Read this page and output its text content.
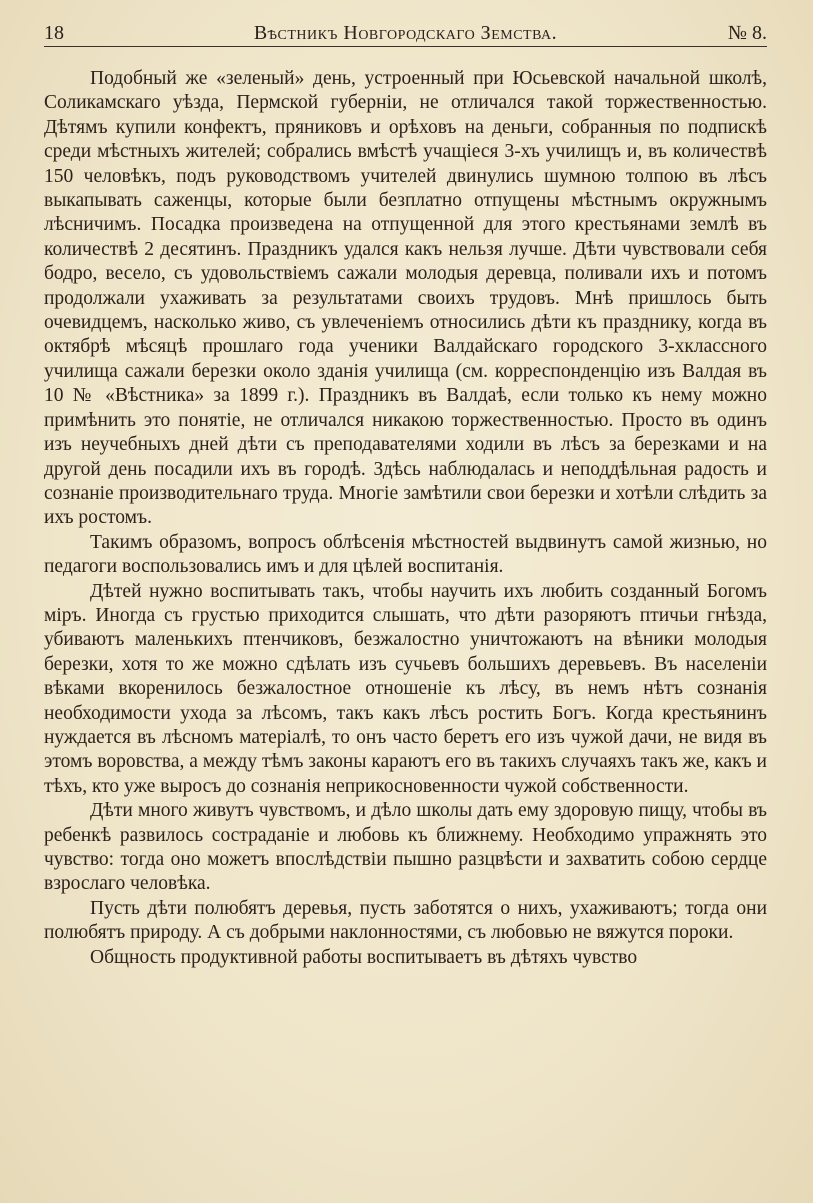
18	Вѣстникъ Новгородскаго Земства.	№ 8.

Подобный же «зеленый» день, устроенный при Юсьевской начальной школѣ, Соликамскаго уѣзда, Пермской губерніи, не отличался такой торжественностью. Дѣтямъ купили конфектъ, пряниковъ и орѣховъ на деньги, собранныя по подпискѣ среди мѣстныхъ жителей; собрались вмѣстѣ учащіеся 3-хъ училищъ и, въ количествѣ 150 человѣкъ, подъ руководствомъ учителей двинулись шумною толпою въ лѣсъ выкапывать саженцы, которые были безплатно отпущены мѣстнымъ окружнымъ лѣсничимъ. Посадка произведена на отпущенной для этого крестьянами землѣ въ количествѣ 2 десятинъ. Праздникъ удался какъ нельзя лучше. Дѣти чувствовали себя бодро, весело, съ удовольствіемъ сажали молодыя деревца, поливали ихъ и потомъ продолжали ухаживать за результатами своихъ трудовъ. Мнѣ пришлось быть очевидцемъ, насколько живо, съ увлеченіемъ относились дѣти къ празднику, когда въ октябрѣ мѣсяцѣ прошлаго года ученики Валдайскаго городского 3-хклассного училища сажали березки около зданія училища (см. корреспонденцію изъ Валдая въ 10 № «Вѣстника» за 1899 г.). Праздникъ въ Валдаѣ, если только къ нему можно примѣнить это понятіе, не отличался никакою торжественностью. Просто въ одинъ изъ неучебныхъ дней дѣти съ преподавателями ходили въ лѣсъ за березками и на другой день посадили ихъ въ городѣ. Здѣсь наблюдалась и неподдѣльная радость и сознаніе производительнаго труда. Многіе замѣтили свои березки и хотѣли слѣдить за ихъ ростомъ.

Такимъ образомъ, вопросъ облѣсенія мѣстностей выдвинутъ самой жизнью, но педагоги воспользовались имъ и для цѣлей воспитанія.

Дѣтей нужно воспитывать такъ, чтобы научить ихъ любить созданный Богомъ міръ. Иногда съ грустью приходится слышать, что дѣти разоряютъ птичьи гнѣзда, убиваютъ маленькихъ птенчиковъ, безжалостно уничтожаютъ на вѣники молодыя березки, хотя то же можно сдѣлать изъ сучьевъ большихъ деревьевъ. Въ населеніи вѣками вкоренилось безжалостное отношеніе къ лѣсу, въ немъ нѣтъ сознанія необходимости ухода за лѣсомъ, такъ какъ лѣсъ ростить Богъ. Когда крестьянинъ нуждается въ лѣсномъ матеріалѣ, то онъ часто беретъ его изъ чужой дачи, не видя въ этомъ воровства, а между тѣмъ законы караютъ его въ такихъ случаяхъ такъ же, какъ и тѣхъ, кто уже выросъ до сознанія неприкосновенности чужой собственности.

Дѣти много живутъ чувствомъ, и дѣло школы дать ему здоровую пищу, чтобы въ ребенкѣ развилось состраданіе и любовь къ ближнему. Необходимо упражнять это чувство: тогда оно можетъ впослѣдствіи пышно разцвѣсти и захватить собою сердце взрослаго человѣка.

Пусть дѣти полюбятъ деревья, пусть заботятся о нихъ, ухаживаютъ; тогда они полюбятъ природу. А съ добрыми наклонностями, съ любовью не вяжутся пороки.

Общность продуктивной работы воспитываетъ въ дѣтяхъ чувство
